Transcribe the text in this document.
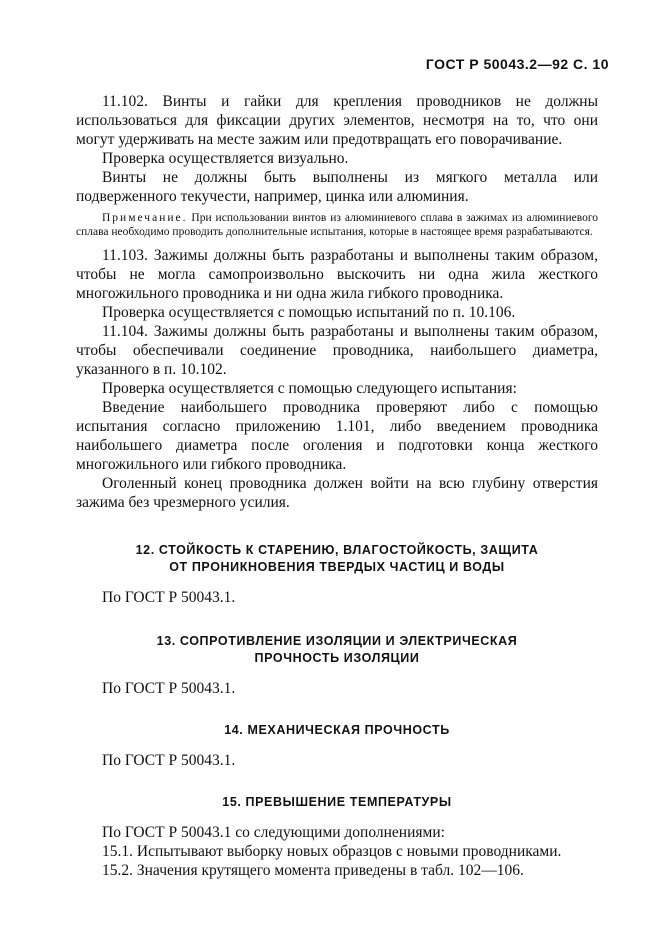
ГОСТ Р 50043.2—92 С. 10

11.102. Винты и гайки для крепления проводников не должны использоваться для фиксации других элементов, несмотря на то, что они могут удерживать на месте зажим или предотвращать его поворачивание.

Проверка осуществляется визуально.

Винты не должны быть выполнены из мягкого металла или подверженного текучести, например, цинка или алюминия.

Примечание. При использовании винтов из алюминиевого сплава в зажимах из алюминиевого сплава необходимо проводить дополнительные испытания, которые в настоящее время разрабатываются.

11.103. Зажимы должны быть разработаны и выполнены таким образом, чтобы не могла самопроизвольно выскочить ни одна жила жесткого многожильного проводника и ни одна жила гибкого проводника.

Проверка осуществляется с помощью испытаний по п. 10.106.

11.104. Зажимы должны быть разработаны и выполнены таким образом, чтобы обеспечивали соединение проводника, наибольшего диаметра, указанного в п. 10.102.

Проверка осуществляется с помощью следующего испытания:

Введение наибольшего проводника проверяют либо с помощью испытания согласно приложению 1.101, либо введением проводника наибольшего диаметра после оголения и подготовки конца жесткого многожильного или гибкого проводника.

Оголенный конец проводника должен войти на всю глубину отверстия зажима без чрезмерного усилия.

12. СТОЙКОСТЬ К СТАРЕНИЮ, ВЛАГОСТОЙКОСТЬ, ЗАЩИТА
ОТ ПРОНИКНОВЕНИЯ ТВЕРДЫХ ЧАСТИЦ И ВОДЫ

По ГОСТ Р 50043.1.

13. СОПРОТИВЛЕНИЕ ИЗОЛЯЦИИ И ЭЛЕКТРИЧЕСКАЯ
ПРОЧНОСТЬ ИЗОЛЯЦИИ

По ГОСТ Р 50043.1.

14. МЕХАНИЧЕСКАЯ ПРОЧНОСТЬ

По ГОСТ Р 50043.1.

15. ПРЕВЫШЕНИЕ ТЕМПЕРАТУРЫ

По ГОСТ Р 50043.1 со следующими дополнениями:

15.1. Испытывают выборку новых образцов с новыми проводниками.

15.2. Значения крутящего момента приведены в табл. 102—106.
